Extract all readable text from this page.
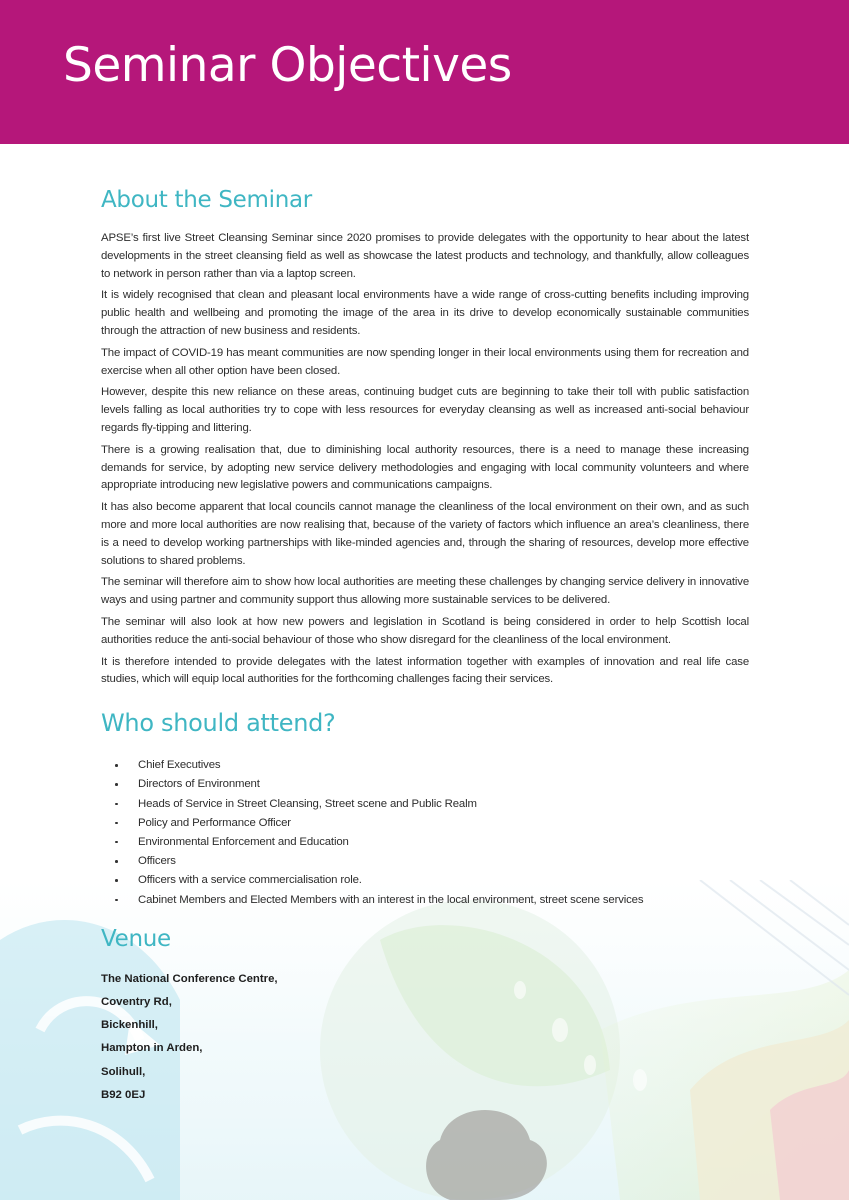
Seminar Objectives
About the Seminar

APSE’s first live Street Cleansing Seminar since 2020 promises to provide delegates with the opportunity to hear about the latest developments in the street cleansing field as well as showcase the latest products and technology, and thankfully, allow colleagues to network in person rather than via a laptop screen.

It is widely recognised that clean and pleasant local environments have a wide range of cross-cutting benefits including improving public health and wellbeing and promoting the image of the area in its drive to develop economically sustainable communities through the attraction of new business and residents.

The impact of COVID-19 has meant communities are now spending longer in their local environments using them for recreation and exercise when all other option have been closed.

However, despite this new reliance on these areas, continuing budget cuts are beginning to take their toll with public satisfaction levels falling as local authorities try to cope with less resources for everyday cleansing as well as increased anti-social behaviour regards fly-tipping and littering.

There is a growing realisation that, due to diminishing local authority resources, there is a need to manage these increasing demands for service, by adopting new service delivery methodologies and engaging with local community volunteers and where appropriate introducing new legislative powers and communications campaigns.

It has also become apparent that local councils cannot manage the cleanliness of the local environment on their own, and as such more and more local authorities are now realising that, because of the variety of factors which influence an area’s cleanliness, there is a need to develop working partnerships with like-minded agencies and, through the sharing of resources, develop more effective solutions to shared problems.

The seminar will therefore aim to show how local authorities are meeting these challenges by changing service delivery in innovative ways and using partner and community support thus allowing more sustainable services to be delivered.

The seminar will also look at how new powers and legislation in Scotland is being considered in order to help Scottish local authorities reduce the anti-social behaviour of those who show disregard for the cleanliness of the local environment.

It is therefore intended to provide delegates with the latest information together with examples of innovation and real life case studies, which will equip local authorities for the forthcoming challenges facing their services.

Who should attend?
Chief Executives
Directors of Environment
Heads of Service in Street Cleansing, Street scene and Public Realm
Policy and Performance Officer
Environmental Enforcement and Education
Officers
Officers with a service commercialisation role.
Cabinet Members and Elected Members with an interest in the local environment, street scene services
Venue
The National Conference Centre,
Coventry Rd,
Bickenhill,
Hampton in Arden,
Solihull,
B92 0EJ
